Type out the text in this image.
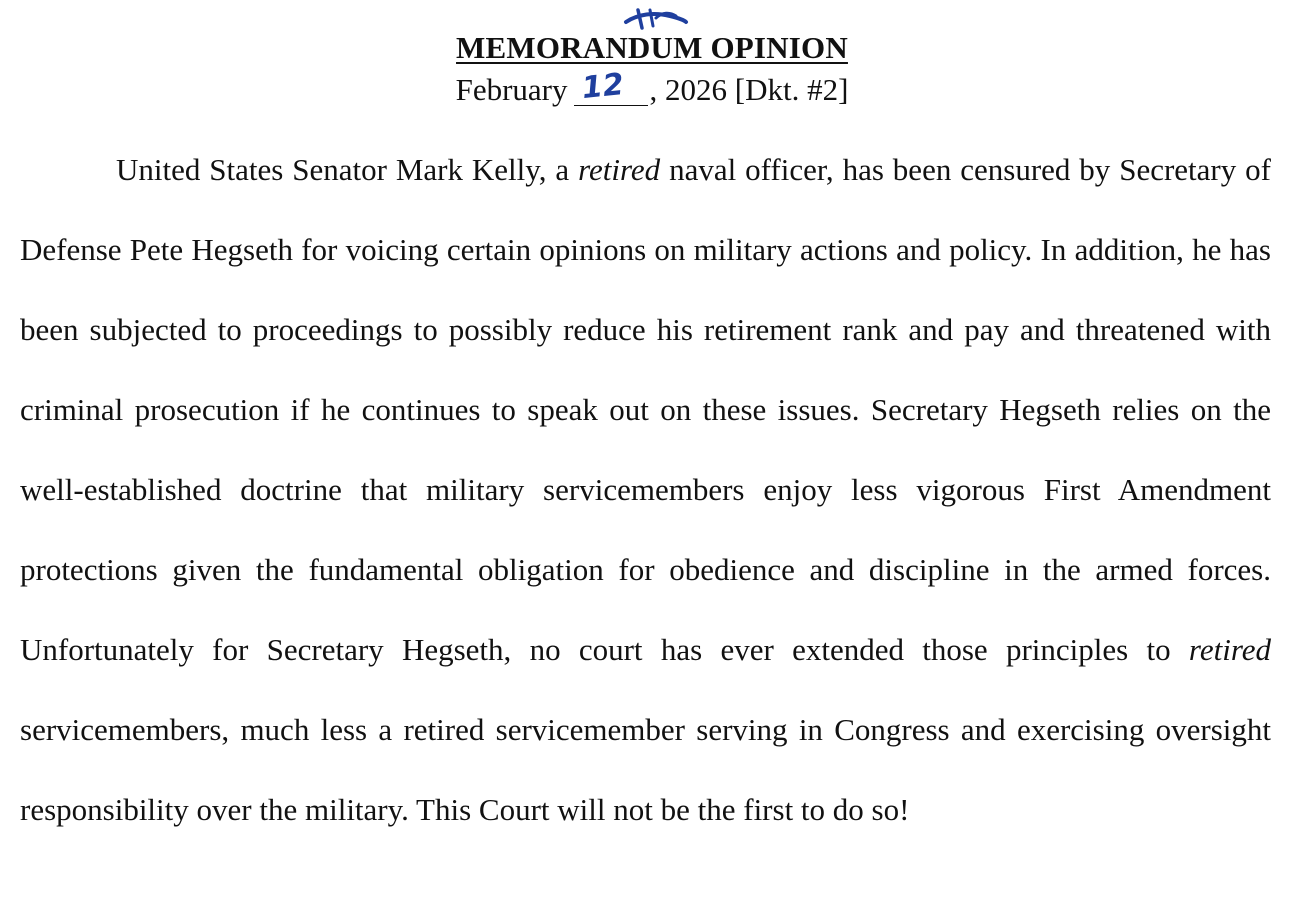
MEMORANDUM OPINION
February 12 , 2026 [Dkt. #2]

United States Senator Mark Kelly, a retired naval officer, has been censured by Secretary of Defense Pete Hegseth for voicing certain opinions on military actions and policy. In addition, he has been subjected to proceedings to possibly reduce his retirement rank and pay and threatened with criminal prosecution if he continues to speak out on these issues. Secretary Hegseth relies on the well-established doctrine that military servicemembers enjoy less vigorous First Amendment protections given the fundamental obligation for obedience and discipline in the armed forces. Unfortunately for Secretary Hegseth, no court has ever extended those principles to retired servicemembers, much less a retired servicemember serving in Congress and exercising oversight responsibility over the military. This Court will not be the first to do so!
